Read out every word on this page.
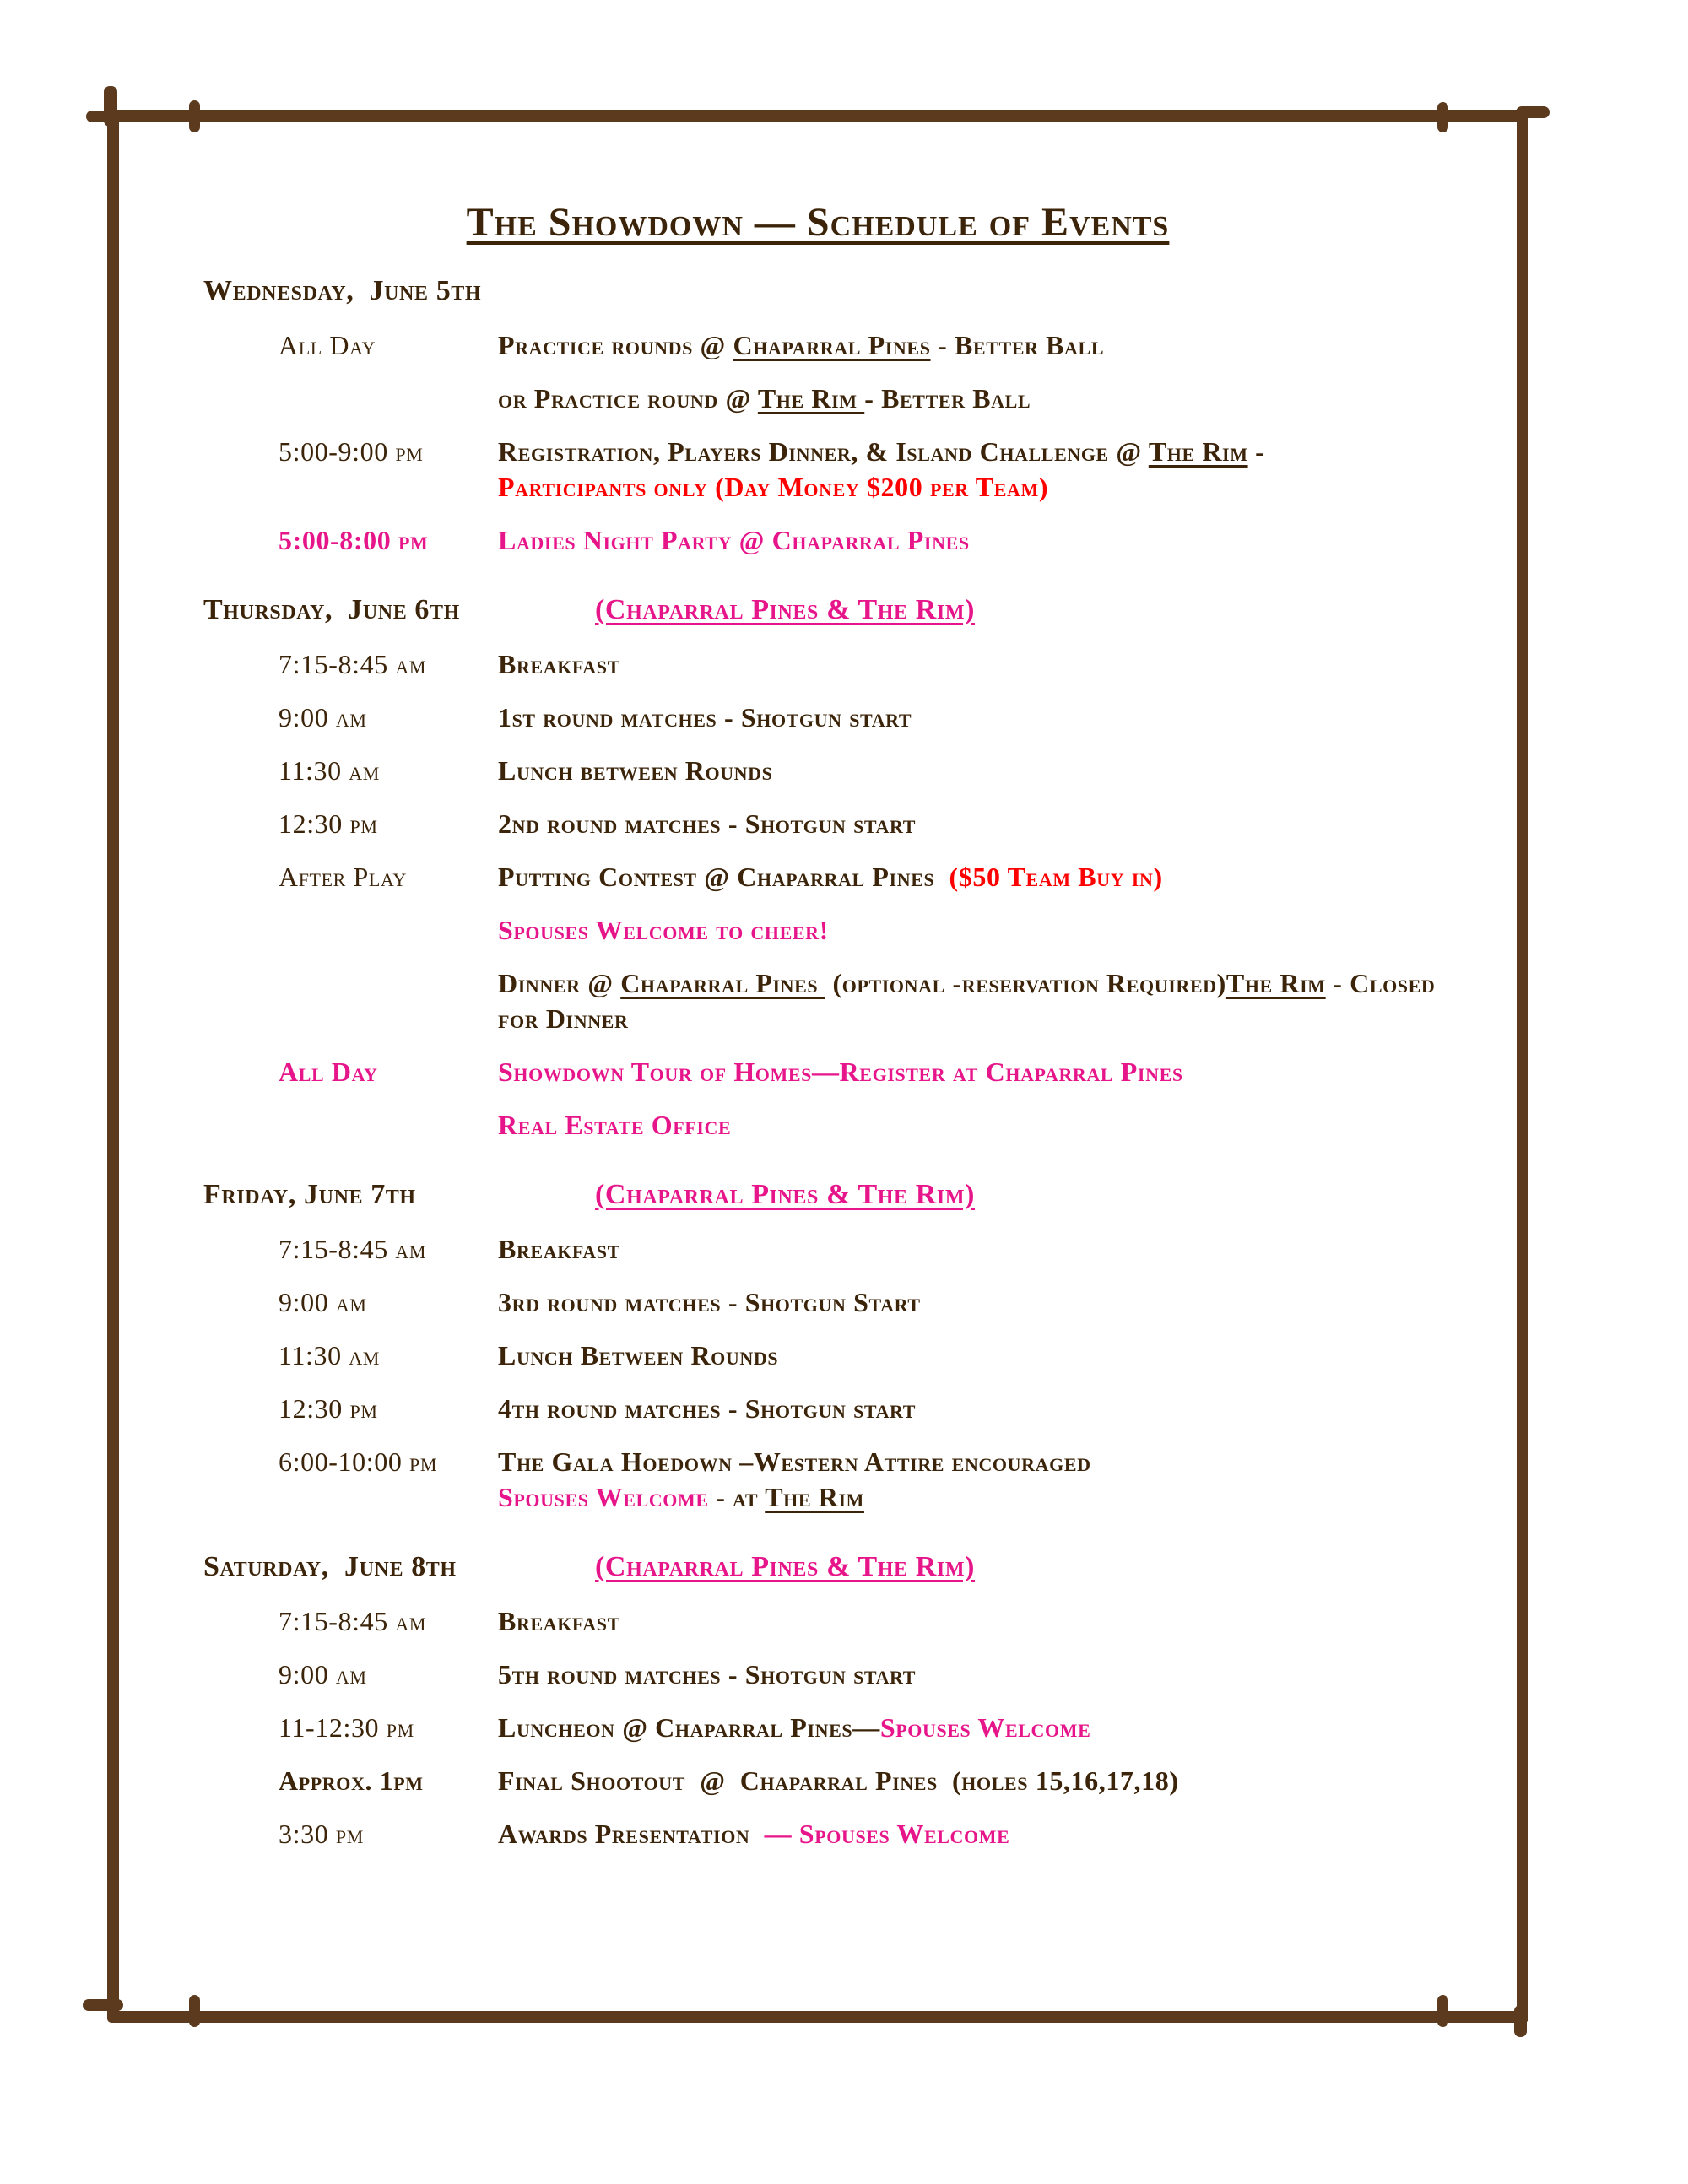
The Showdown — Schedule of Events
Wednesday,  June 5th
All Day	Practice rounds @ Chaparral Pines - Better Ball
or Practice round @ The Rim - Better Ball
5:00-9:00 pm	Registration, Players Dinner, & Island Challenge @ The Rim -
Participants only (Day Money $200 per Team)
5:00-8:00 pm	Ladies Night Party @ Chaparral Pines
Thursday,  June 6th	(Chaparral Pines & The Rim)
7:15-8:45 am	Breakfast
9:00 am	1st round matches - Shotgun start
11:30 am	Lunch between Rounds
12:30 pm	2nd round matches - Shotgun start
After Play	Putting Contest @ Chaparral Pines  ($50 Team Buy in)
Spouses Welcome to cheer!
Dinner @ Chaparral Pines  (optional -reservation Required)The Rim - Closed for Dinner
All Day	Showdown Tour of Homes—Register at Chaparral Pines
Real Estate Office
Friday, June 7th	(Chaparral Pines & The Rim)
7:15-8:45 am	Breakfast
9:00 am	3rd round matches - Shotgun Start
11:30 am	Lunch Between Rounds
12:30 pm	4th round matches - Shotgun start
6:00-10:00 pm	The Gala Hoedown –Western Attire encouraged
Spouses Welcome - at The Rim
Saturday,  June 8th	(Chaparral Pines & The Rim)
7:15-8:45 am	Breakfast
9:00 am	5th round matches - Shotgun start
11-12:30 pm	Luncheon @ Chaparral Pines—Spouses Welcome
Approx. 1pm	Final Shootout  @  Chaparral Pines  (holes 15,16,17,18)
3:30 pm	Awards Presentation  — Spouses Welcome
